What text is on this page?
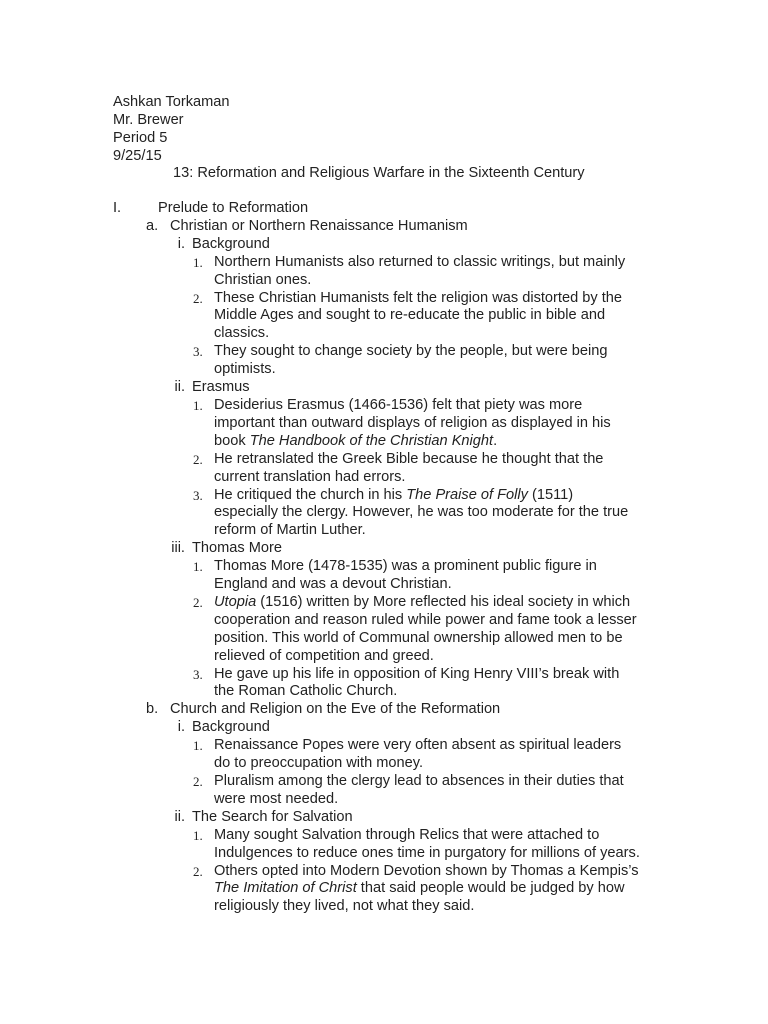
Ashkan Torkaman
Mr. Brewer
Period 5
9/25/15
13: Reformation and Religious Warfare in the Sixteenth Century
I.	Prelude to Reformation
a. Christian or Northern Renaissance Humanism
i. Background
1. Northern Humanists also returned to classic writings, but mainly
Christian ones.
2. These Christian Humanists felt the religion was distorted by the
Middle Ages and sought to re-educate the public in bible and
classics.
3. They sought to change society by the people, but were being
optimists.
ii. Erasmus
1. Desiderius Erasmus (1466-1536) felt that piety was more
important than outward displays of religion as displayed in his
book The Handbook of the Christian Knight.
2. He retranslated the Greek Bible because he thought that the
current translation had errors.
3. He critiqued the church in his The Praise of Folly (1511)
especially the clergy. However, he was too moderate for the true
reform of Martin Luther.
iii. Thomas More
1. Thomas More (1478-1535) was a prominent public figure in
England and was a devout Christian.
2. Utopia (1516) written by More reflected his ideal society in which
cooperation and reason ruled while power and fame took a lesser
position. This world of Communal ownership allowed men to be
relieved of competition and greed.
3. He gave up his life in opposition of King Henry VIII’s break with
the Roman Catholic Church.
b. Church and Religion on the Eve of the Reformation
i. Background
1. Renaissance Popes were very often absent as spiritual leaders
do to preoccupation with money.
2. Pluralism among the clergy lead to absences in their duties that
were most needed.
ii. The Search for Salvation
1. Many sought Salvation through Relics that were attached to
Indulgences to reduce ones time in purgatory for millions of years.
2. Others opted into Modern Devotion shown by Thomas a Kempis’s
The Imitation of Christ that said people would be judged by how
religiously they lived, not what they said.
